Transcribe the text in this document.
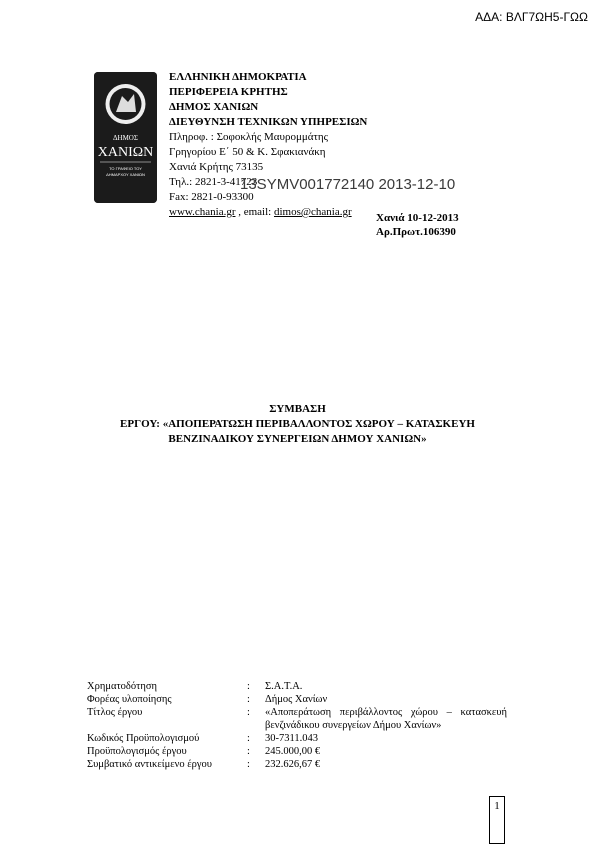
ΑΔΑ: ΒΛΓ7ΩΗ5-ΓΩΩ
ΔΗΜΟΣ
ΧΑΝΙΩΝ
ΤΟ ΓΡΑΦΕΙΟ ΤΟΥ
ΔΗΜΑΡΧΟΥ ΧΑΝΙΩΝ
ΕΛΛΗΝΙΚΗ ΔΗΜΟΚΡΑΤΙΑ
ΠΕΡΙΦΕΡΕΙΑ ΚΡΗΤΗΣ
ΔΗΜΟΣ ΧΑΝΙΩΝ
ΔΙΕΥΘΥΝΣΗ ΤΕΧΝΙΚΩΝ ΥΠΗΡΕΣΙΩΝ
Πληροφ. : Σοφοκλής Μαυρομμάτης
Γρηγορίου Ε΄ 50 & Κ. Σφακιανάκη
Χανιά Κρήτης 73135
Τηλ.: 2821-3-41723
Fax: 2821-0-93300
www.chania.gr , email: dimos@chania.gr
13SYMV001772140 2013-12-10
Χανιά 10-12-2013
Αρ.Πρωτ.106390
ΣΥΜΒΑΣΗ
ΕΡΓΟΥ: «ΑΠΟΠΕΡΑΤΩΣΗ ΠΕΡΙΒΑΛΛΟΝΤΟΣ ΧΩΡΟΥ – ΚΑΤΑΣΚΕΥΗ
ΒΕΝΖΙΝΑΔΙΚΟΥ ΣΥΝΕΡΓΕΙΩΝ ΔΗΜΟΥ ΧΑΝΙΩΝ»
Χρηματοδότηση	:	Σ.Α.Τ.Α.
Φορέας υλοποίησης	:	Δήμος Χανίων
Τίτλος έργου	:	«Αποπεράτωση περιβάλλοντος χώρου – κατασκευή βενζινάδικου συνεργείων Δήμου Χανίων»
Κωδικός Προϋπολογισμού	:	30-7311.043
Προϋπολογισμός έργου	:	245.000,00 €
Συμβατικό αντικείμενο έργου	:	232.626,67 €
1
